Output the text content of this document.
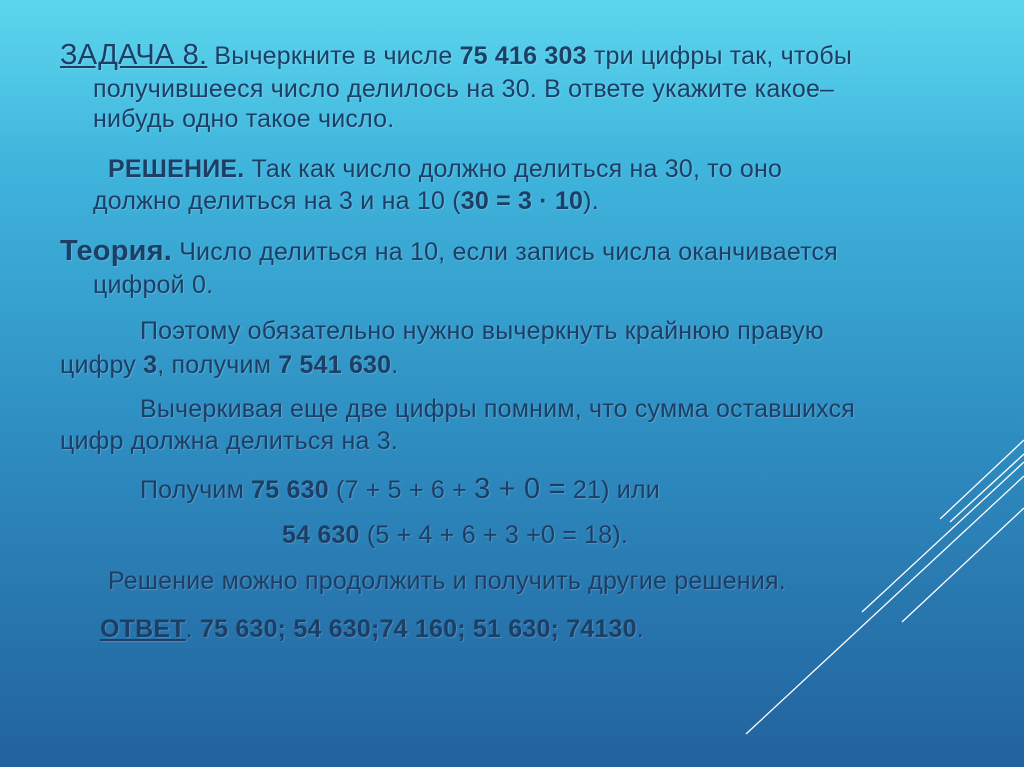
ЗАДАЧА 8. Вычеркните в числе 75 416 303 три цифры так, чтобы
получившееся число делилось на 30. В ответе укажите какое–
нибудь одно такое число.
РЕШЕНИЕ. Так как число должно делиться на 30, то оно
должно делиться на 3 и на 10 (30 = 3 · 10).
Теория. Число делиться на 10, если запись числа оканчивается
цифрой 0.
Поэтому обязательно нужно вычеркнуть крайнюю правую
цифру 3, получим 7 541 630.
Вычеркивая еще две цифры помним, что сумма оставшихся
цифр должна делиться на 3.
Получим 75 630 (7 + 5 + 6 + 3 + 0 = 21) или
54 630 (5 + 4 + 6 + 3 +0 = 18).
Решение можно продолжить и получить другие решения.
ОТВЕТ. 75 630; 54 630;74 160; 51 630; 74130.
